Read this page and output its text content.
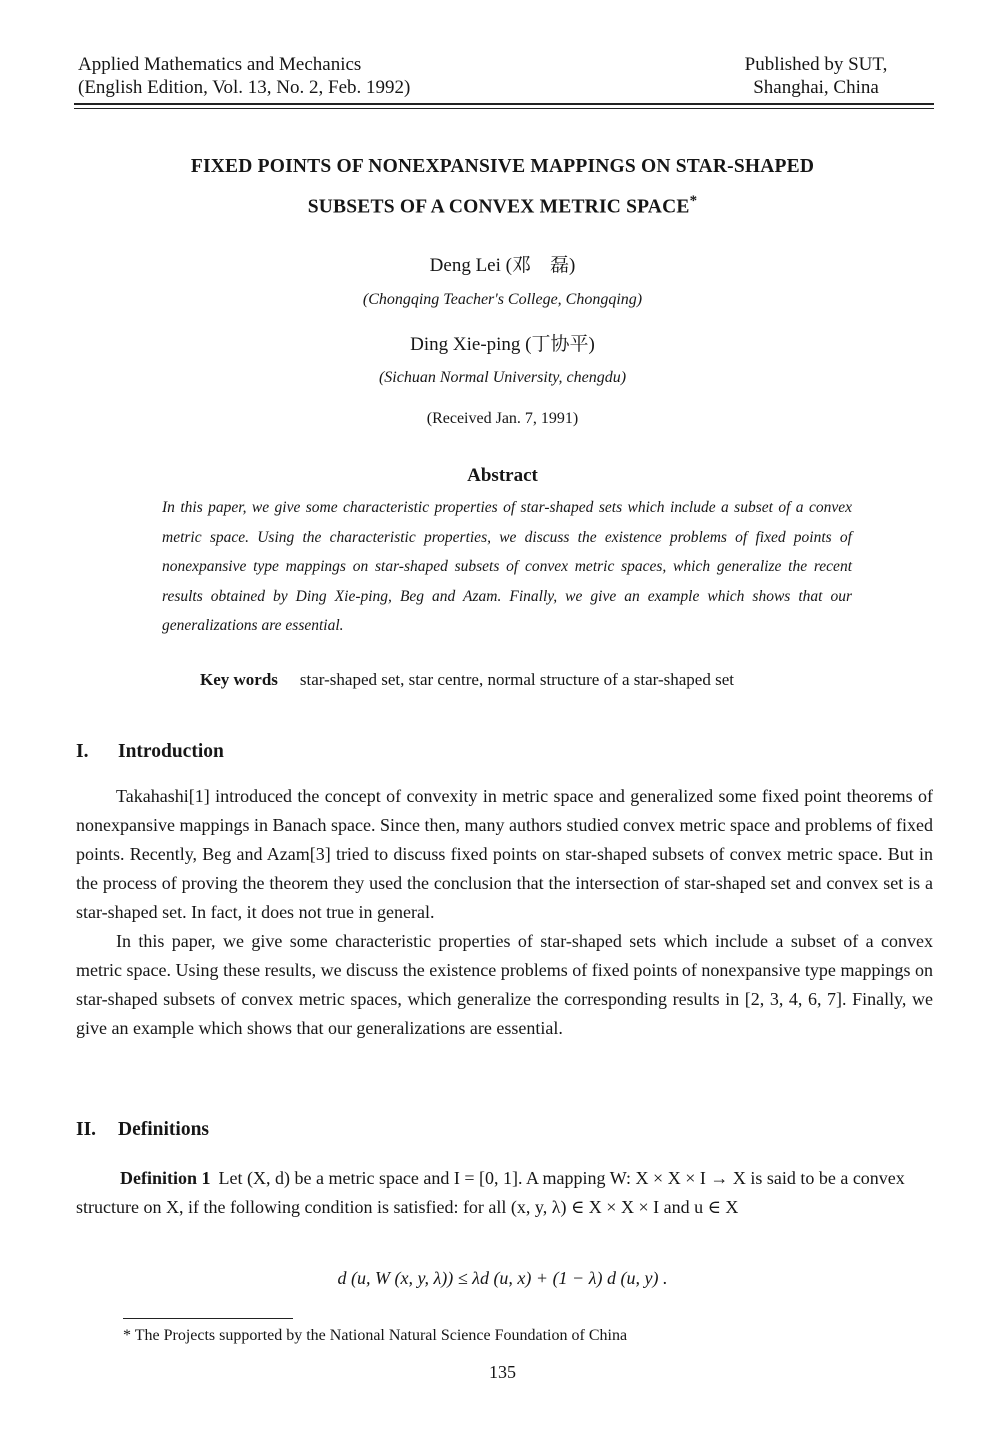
Applied Mathematics and Mechanics
(English Edition, Vol. 13, No. 2, Feb. 1992)
Published by SUT,
Shanghai, China
FIXED POINTS OF NONEXPANSIVE MAPPINGS ON STAR-SHAPED
SUBSETS OF A CONVEX METRIC SPACE*
Deng Lei (邓　磊)
(Chongqing Teacher's College, Chongqing)
Ding Xie-ping (丁协平)
(Sichuan Normal University, chengdu)
(Received Jan. 7, 1991)
Abstract
In this paper, we give some characteristic properties of star-shaped sets which include a subset of a convex metric space. Using the characteristic properties, we discuss the existence problems of fixed points of nonexpansive type mappings on star-shaped subsets of convex metric spaces, which generalize the recent results obtained by Ding Xie-ping, Beg and Azam. Finally, we give an example which shows that our generalizations are essential.
Key words star-shaped set, star centre, normal structure of a star-shaped set
I. Introduction

Takahashi[1] introduced the concept of convexity in metric space and generalized some fixed point theorems of nonexpansive mappings in Banach space. Since then, many authors studied convex metric space and problems of fixed points. Recently, Beg and Azam[3] tried to discuss fixed points on star-shaped subsets of convex metric space. But in the process of proving the theorem they used the conclusion that the intersection of star-shaped set and convex set is a star-shaped set. In fact, it does not true in general.

In this paper, we give some characteristic properties of star-shaped sets which include a subset of a convex metric space. Using these results, we discuss the existence problems of fixed points of nonexpansive type mappings on star-shaped subsets of convex metric spaces, which generalize the corresponding results in [2, 3, 4, 6, 7]. Finally, we give an example which shows that our generalizations are essential.

II. Definitions

Definition 1 Let (X, d) be a metric space and I = [0, 1]. A mapping W: X × X × I → X is said to be a convex structure on X, if the following condition is satisfied: for all (x, y, λ) ∈ X × X × I and u ∈ X

d (u, W (x, y, λ)) ≤ λd (u, x) + (1 − λ) d (u, y) .
* The Projects supported by the National Natural Science Foundation of China
135
